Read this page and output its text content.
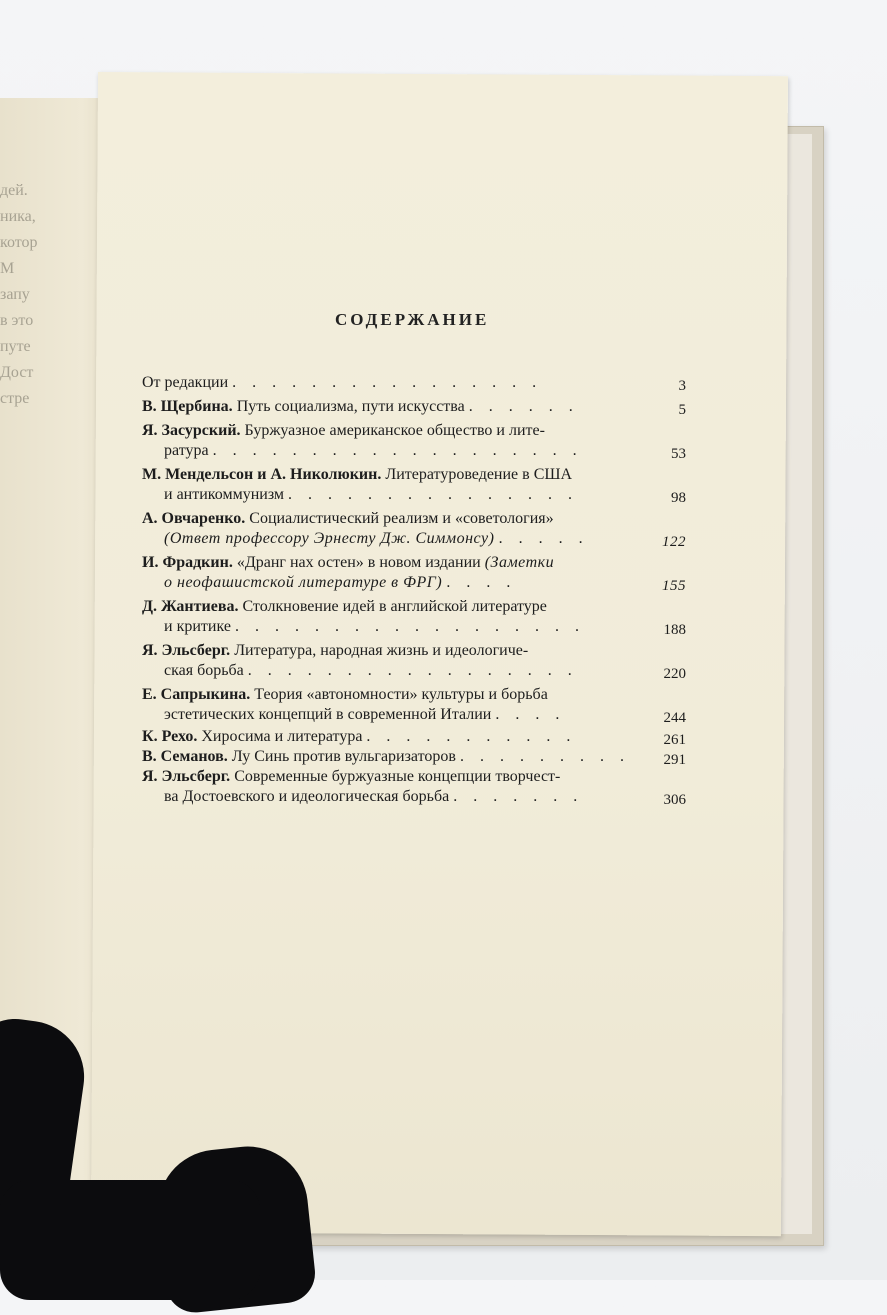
дей.
ника,
котор
М
запу
в это
путе
Дост
стре
СОДЕРЖАНИЕ
От редакции . . . . . . . . . . . . . . . .	3
В. Щербина. Путь социализма, пути искусства . . . . . .	5
Я. Засурский. Буржуазное американское общество и лите-
ратура . . . . . . . . . . . . . . . . . . .	53
М. Мендельсон и А. Николюкин. Литературоведение в США
и антикоммунизм . . . . . . . . . . . . . . .	98
А. Овчаренко. Социалистический реализм и «советология»
(Ответ профессору Эрнесту Дж. Симмонсу) . . . . .	122
И. Фрадкин. «Дранг нах остен» в новом издании (Заметки
о неофашистской литературе в ФРГ) . . . .	155
Д. Жантиева. Столкновение идей в английской литературе
и критике . . . . . . . . . . . . . . . . . .	188
Я. Эльсберг. Литература, народная жизнь и идеологиче-
ская борьба . . . . . . . . . . . . . . . . .	220
Е. Сапрыкина. Теория «автономности» культуры и борьба
эстетических концепций в современной Италии . . . .	244
К. Рехо. Хиросима и литература . . . . . . . . . . .	261
В. Семанов. Лу Синь против вульгаризаторов . . . . . . . . . 291
Я. Эльсберг. Современные буржуазные концепции творчест-
ва Достоевского и идеологическая борьба . . . . . . .	306
